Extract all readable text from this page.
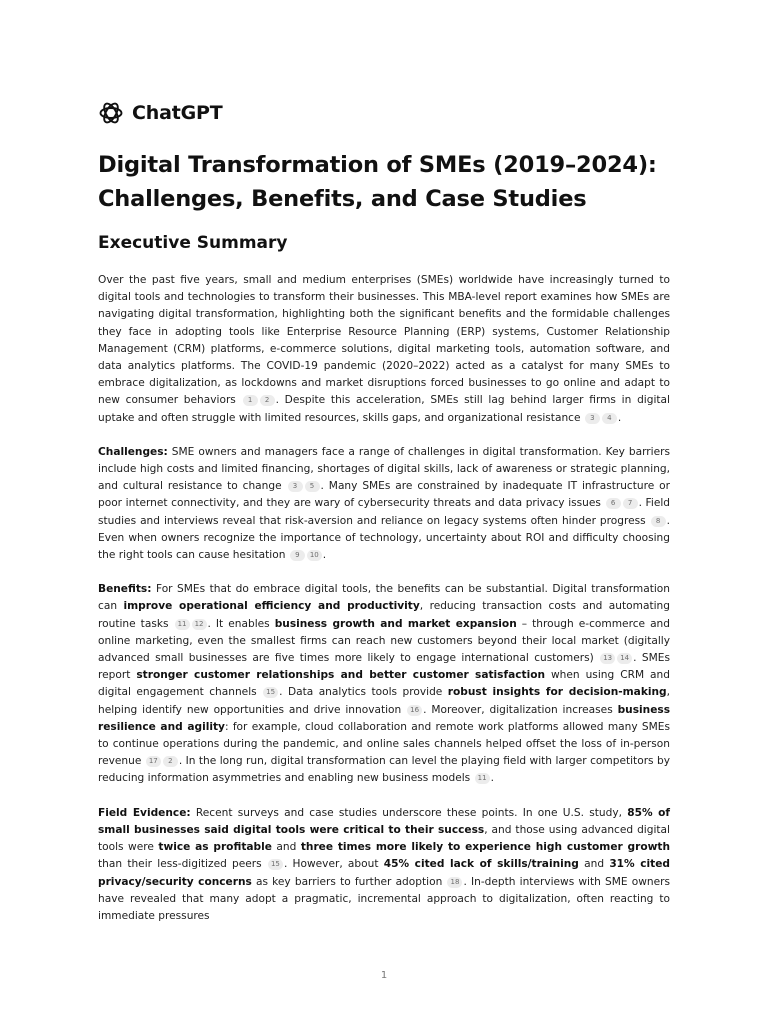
ChatGPT
Digital Transformation of SMEs (2019–2024): Challenges, Benefits, and Case Studies
Executive Summary

Over the past five years, small and medium enterprises (SMEs) worldwide have increasingly turned to digital tools and technologies to transform their businesses. This MBA-level report examines how SMEs are navigating digital transformation, highlighting both the significant benefits and the formidable challenges they face in adopting tools like Enterprise Resource Planning (ERP) systems, Customer Relationship Management (CRM) platforms, e-commerce solutions, digital marketing tools, automation software, and data analytics platforms. The COVID-19 pandemic (2020–2022) acted as a catalyst for many SMEs to embrace digitalization, as lockdowns and market disruptions forced businesses to go online and adapt to new consumer behaviors 1 2 . Despite this acceleration, SMEs still lag behind larger firms in digital uptake and often struggle with limited resources, skills gaps, and organizational resistance 3 4 .

Challenges: SME owners and managers face a range of challenges in digital transformation. Key barriers include high costs and limited financing, shortages of digital skills, lack of awareness or strategic planning, and cultural resistance to change 3 5 . Many SMEs are constrained by inadequate IT infrastructure or poor internet connectivity, and they are wary of cybersecurity threats and data privacy issues 6 7 . Field studies and interviews reveal that risk-aversion and reliance on legacy systems often hinder progress 8 . Even when owners recognize the importance of technology, uncertainty about ROI and difficulty choosing the right tools can cause hesitation 9 10 .

Benefits: For SMEs that do embrace digital tools, the benefits can be substantial. Digital transformation can improve operational efficiency and productivity, reducing transaction costs and automating routine tasks 11 12 . It enables business growth and market expansion – through e-commerce and online marketing, even the smallest firms can reach new customers beyond their local market (digitally advanced small businesses are five times more likely to engage international customers) 13 14 . SMEs report stronger customer relationships and better customer satisfaction when using CRM and digital engagement channels 15 . Data analytics tools provide robust insights for decision-making, helping identify new opportunities and drive innovation 16 . Moreover, digitalization increases business resilience and agility: for example, cloud collaboration and remote work platforms allowed many SMEs to continue operations during the pandemic, and online sales channels helped offset the loss of in-person revenue 17 2 . In the long run, digital transformation can level the playing field with larger competitors by reducing information asymmetries and enabling new business models 11 .

Field Evidence: Recent surveys and case studies underscore these points. In one U.S. study, 85% of small businesses said digital tools were critical to their success, and those using advanced digital tools were twice as profitable and three times more likely to experience high customer growth than their less-digitized peers 15 . However, about 45% cited lack of skills/training and 31% cited privacy/security concerns as key barriers to further adoption 18 . In-depth interviews with SME owners have revealed that many adopt a pragmatic, incremental approach to digitalization, often reacting to immediate pressures

1
